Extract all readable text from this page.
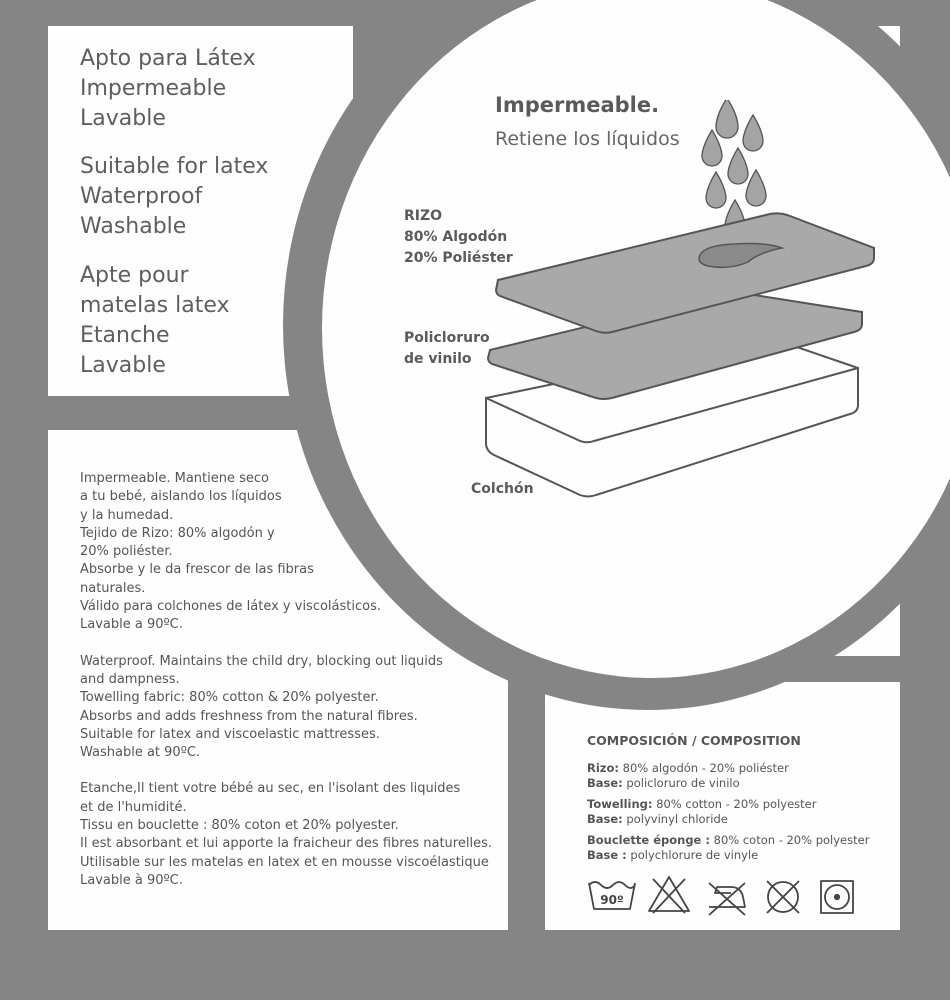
Apto para Látex
Impermeable
Lavable
Suitable for latex
Waterproof
Washable
Apte pour
matelas latex
Etanche
Lavable
Impermeable. Mantiene seco
a tu bebé, aislando los líquidos
y la humedad.
Tejido de Rizo: 80% algodón y
20% poliéster.
Absorbe y le da frescor de las fibras
naturales.
Válido para colchones de látex y viscolásticos.
Lavable a 90ºC.
Waterproof. Maintains the child dry, blocking out liquids
and dampness.
Towelling fabric: 80% cotton & 20% polyester.
Absorbs and adds freshness from the natural fibres.
Suitable for latex and viscoelastic mattresses.
Washable at 90ºC.
Etanche,Il tient votre bébé au sec, en l'isolant des liquides
et de l'humidité.
Tissu en bouclette : 80% coton et 20% polyester.
Il est absorbant et lui apporte la fraicheur des fibres naturelles.
Utilisable sur les matelas en latex et en mousse viscoélastique
Lavable à 90ºC.
Impermeable.
Retiene los líquidos
RIZO
80% Algodón
20% Poliéster
Policloruro
de vinilo
Colchón
COMPOSICIÓN / COMPOSITION
Rizo: 80% algodón - 20% poliéster
Base: policloruro de vinilo
Towelling: 80% cotton - 20% polyester
Base: polyvinyl chloride
Bouclette éponge : 80% coton - 20% polyester
Base : polychlorure de vinyle
90º
